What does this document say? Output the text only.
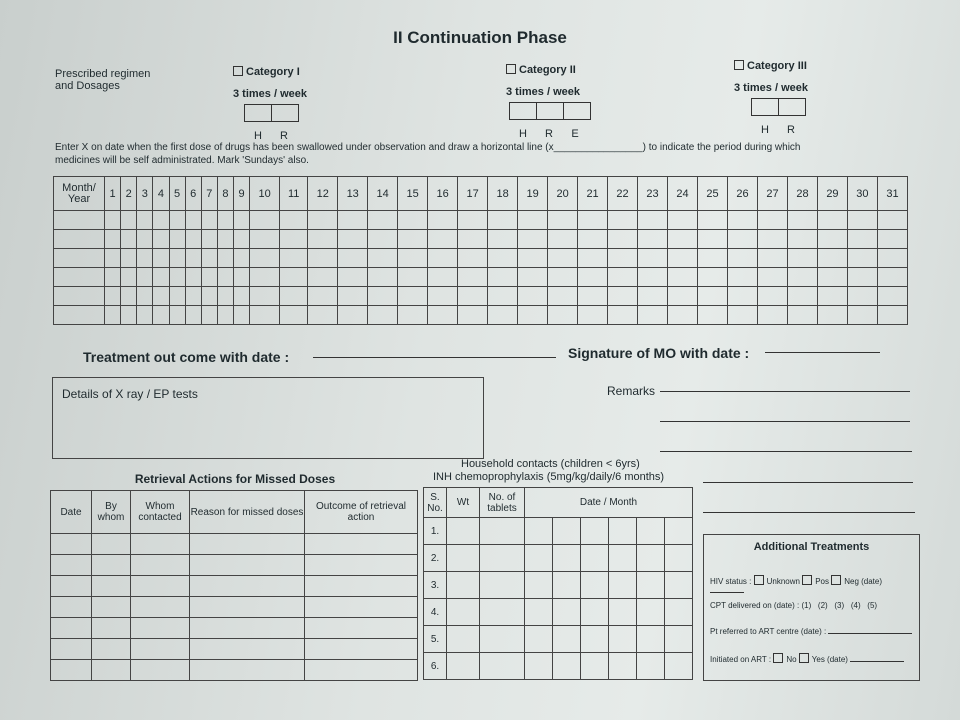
II Continuation Phase
Prescribed regimen
and Dosages
Category I
3 times / week
H	R
Category II
3 times / week
H	R	E
Category III
3 times / week
H	R
Enter X on date when the first dose of drugs has been swallowed under observation and draw a horizontal line (x________________) to indicate the period during which
medicines will be self administrated. Mark 'Sundays' also.
Month/
Year	1	2	3	4	5	6	7	8	9	10	11	12	13	14	15	16	17	18	19	20	21	22	23	24	25	26	27	28	29	30	31

Treatment out come with date :	Signature of MO with date :
Details of X ray / EP tests	Remarks
Retrieval Actions for Missed Doses
Date	By whom	Whom contacted	Reason for missed doses	Outcome of retrieval action

Household contacts (children < 6yrs)
INH chemoprophylaxis (5mg/kg/daily/6 months)
S. No.	Wt	No. of tablets	Date / Month					
1.								
2.								
3.								
4.								
5.								
6.								
Additional Treatments
HIV status : Unknown Pos Neg (date)
CPT delivered on (date) : (1) (2) (3) (4) (5)
Pt referred to ART centre (date) :
Initiated on ART : No Yes (date)
